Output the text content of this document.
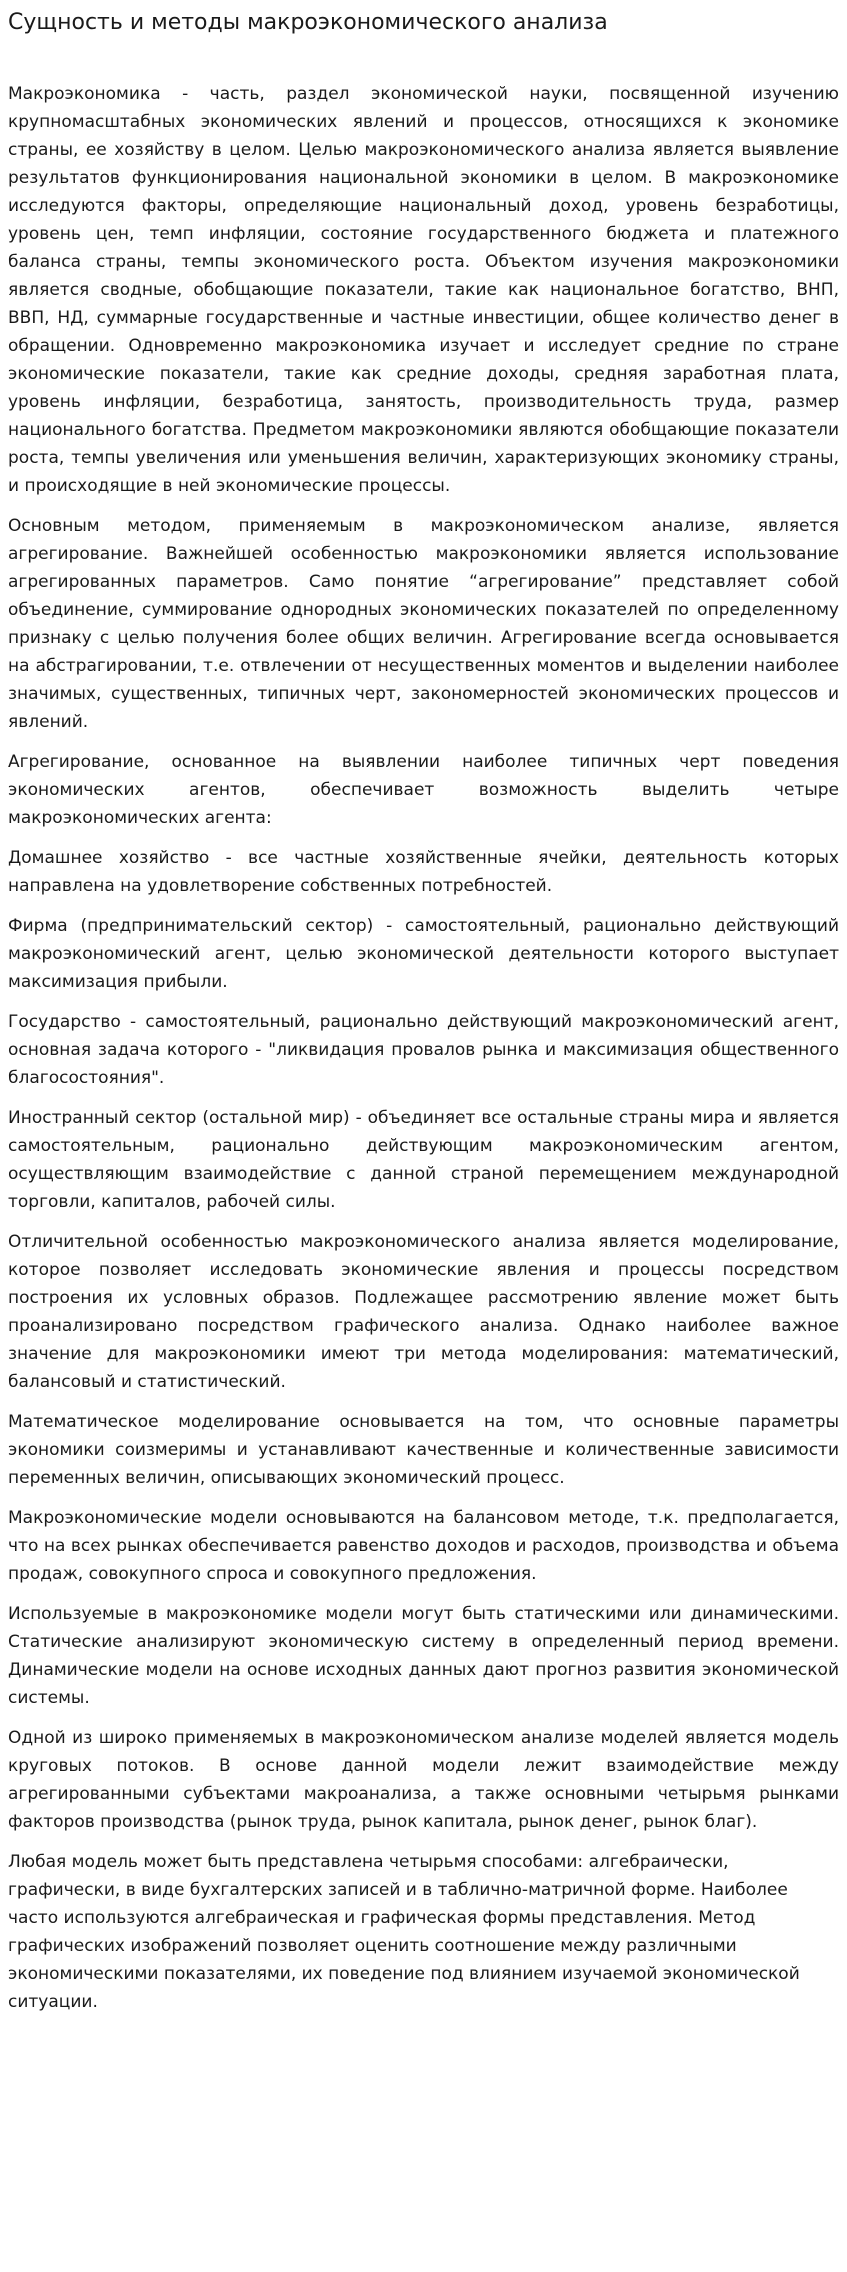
Сущность и методы макроэкономического анализа

Макроэкономика - часть, раздел экономической науки, посвященной изучению крупномасштабных экономических явлений и процессов, относящихся к экономике страны, ее хозяйству в целом. Целью макроэкономического анализа является выявление результатов функционирования национальной экономики в целом. В макроэкономике исследуются факторы, определяющие национальный доход, уровень безработицы, уровень цен, темп инфляции, состояние государственного бюджета и платежного баланса страны, темпы экономического роста. Объектом изучения макроэкономики является сводные, обобщающие показатели, такие как национальное богатство, ВНП, ВВП, НД, суммарные государственные и частные инвестиции, общее количество денег в обращении. Одновременно макроэкономика изучает и исследует средние по стране экономические показатели, такие как средние доходы, средняя заработная плата, уровень инфляции, безработица, занятость, производительность труда, размер национального богатства. Предметом макроэкономики являются обобщающие показатели роста, темпы увеличения или уменьшения величин, характеризующих экономику страны, и происходящие в ней экономические процессы.

Основным методом, применяемым в макроэкономическом анализе, является агрегирование. Важнейшей особенностью макроэкономики является использование агрегированных параметров. Само понятие “агрегирование” представляет собой объединение, суммирование однородных экономических показателей по определенному признаку с целью получения более общих величин. Агрегирование всегда основывается на абстрагировании, т.е. отвлечении от несущественных моментов и выделении наиболее значимых, существенных, типичных черт, закономерностей экономических процессов и явлений.

Агрегирование, основанное на выявлении наиболее типичных черт поведения экономических агентов, обеспечивает возможность выделить четыре макроэкономических агента:

Домашнее хозяйство - все частные хозяйственные ячейки, деятельность которых направлена на удовлетворение собственных потребностей.

Фирма (предпринимательский сектор) - самостоятельный, рационально действующий макроэкономический агент, целью экономической деятельности которого выступает максимизация прибыли.

Государство - самостоятельный, рационально действующий макроэкономический агент, основная задача которого - "ликвидация провалов рынка и максимизация общественного благосостояния".

Иностранный сектор (остальной мир) - объединяет все остальные страны мира и является самостоятельным, рационально действующим макроэкономическим агентом, осуществляющим взаимодействие с данной страной перемещением международной торговли, капиталов, рабочей силы.

Отличительной особенностью макроэкономического анализа является моделирование, которое позволяет исследовать экономические явления и процессы посредством построения их условных образов. Подлежащее рассмотрению явление может быть проанализировано посредством графического анализа. Однако наиболее важное значение для макроэкономики имеют три метода моделирования: математический, балансовый и статистический.

Математическое моделирование основывается на том, что основные параметры экономики соизмеримы и устанавливают качественные и количественные зависимости переменных величин, описывающих экономический процесс.

Макроэкономические модели основываются на балансовом методе, т.к. предполагается, что на всех рынках обеспечивается равенство доходов и расходов, производства и объема продаж, совокупного спроса и совокупного предложения.

Используемые в макроэкономике модели могут быть статическими или динамическими. Статические анализируют экономическую систему в определенный период времени. Динамические модели на основе исходных данных дают прогноз развития экономической системы.

Одной из широко применяемых в макроэкономическом анализе моделей является модель круговых потоков. В основе данной модели лежит взаимодействие между агрегированными субъектами макроанализа, а также основными четырьмя рынками факторов производства (рынок труда, рынок капитала, рынок денег, рынок благ).

Любая модель может быть представлена четырьмя способами: алгебраически, графически, в виде бухгалтерских записей и в таблично-матричной форме. Наиболее часто используются алгебраическая и графическая формы представления. Метод графических изображений позволяет оценить соотношение между различными экономическими показателями, их поведение под влиянием изучаемой экономической ситуации.
